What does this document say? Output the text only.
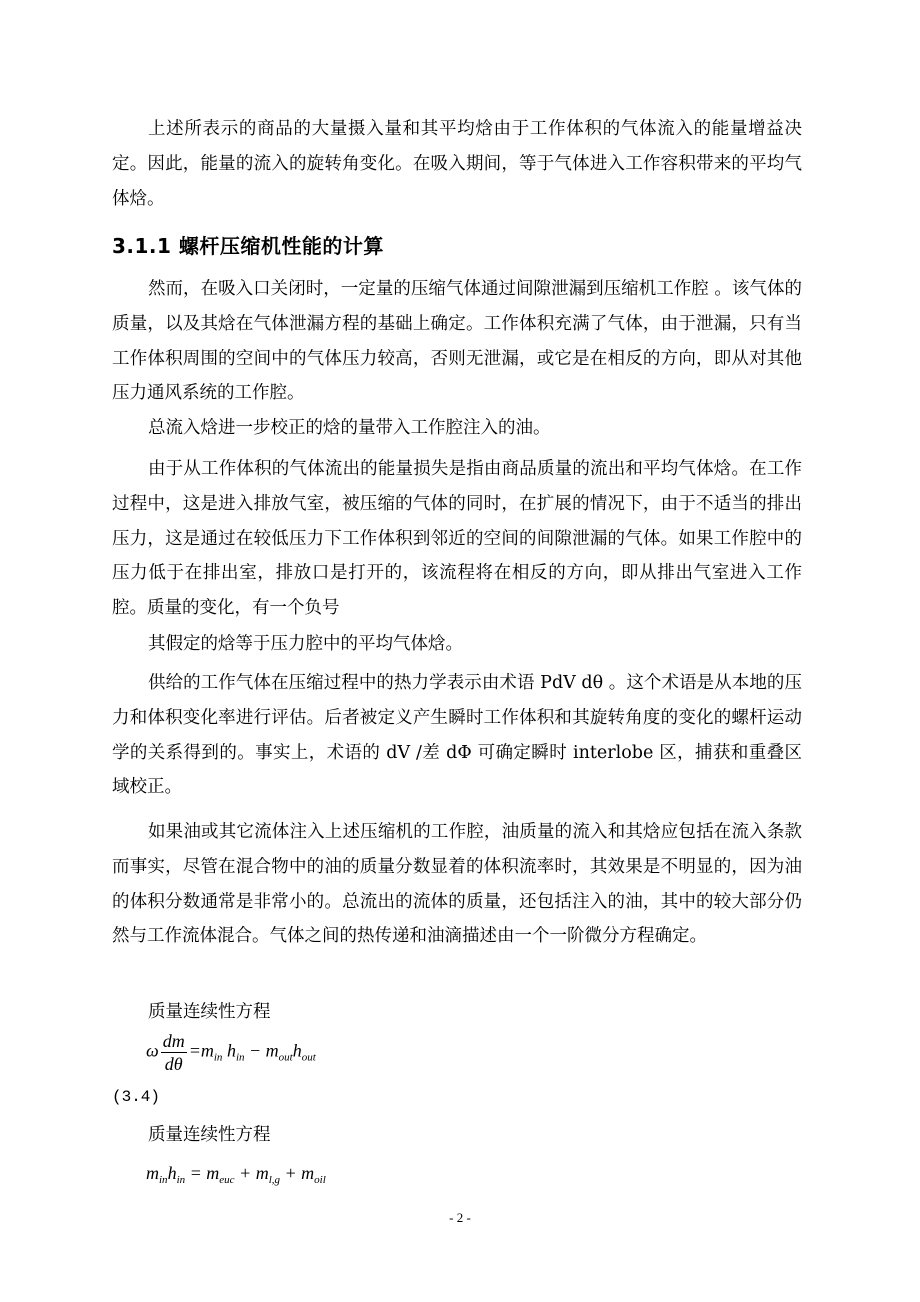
上述所表示的商品的大量摄入量和其平均焓由于工作体积的气体流入的能量增益决定。因此，能量的流入的旋转角变化。在吸入期间，等于气体进入工作容积带来的平均气体焓。
3.1.1 螺杆压缩机性能的计算
然而，在吸入口关闭时，一定量的压缩气体通过间隙泄漏到压缩机工作腔 。该气体的质量，以及其焓在气体泄漏方程的基础上确定。工作体积充满了气体，由于泄漏，只有当工作体积周围的空间中的气体压力较高，否则无泄漏，或它是在相反的方向，即从对其他压力通风系统的工作腔。
总流入焓进一步校正的焓的量带入工作腔注入的油。
由于从工作体积的气体流出的能量损失是指由商品质量的流出和平均气体焓。在工作过程中，这是进入排放气室，被压缩的气体的同时，在扩展的情况下，由于不适当的排出压力，这是通过在较低压力下工作体积到邻近的空间的间隙泄漏的气体。如果工作腔中的压力低于在排出室，排放口是打开的，该流程将在相反的方向，即从排出气室进入工作腔。质量的变化，有一个负号
其假定的焓等于压力腔中的平均气体焓。
供给的工作气体在压缩过程中的热力学表示由术语 PdV dθ 。这个术语是从本地的压力和体积变化率进行评估。后者被定义产生瞬时工作体积和其旋转角度的变化的螺杆运动学的关系得到的。事实上，术语的 dV /差 dΦ 可确定瞬时 interlobe 区，捕获和重叠区域校正。
如果油或其它流体注入上述压缩机的工作腔，油质量的流入和其焓应包括在流入条款 而事实，尽管在混合物中的油的质量分数显着的体积流率时，其效果是不明显的，因为油的体积分数通常是非常小的。总流出的流体的质量，还包括注入的油，其中的较大部分仍然与工作流体混合。气体之间的热传递和油滴描述由一个一阶微分方程确定。
质量连续性方程
ω $\frac{dm}{d\theta} =m_{in}$ $h_{in} - m_{out}h_{out}$
(3.4)
质量连续性方程
$m_{in}h_{in} = m_{euc} + m_{l,g} + m_{oil}$
- 2 -
